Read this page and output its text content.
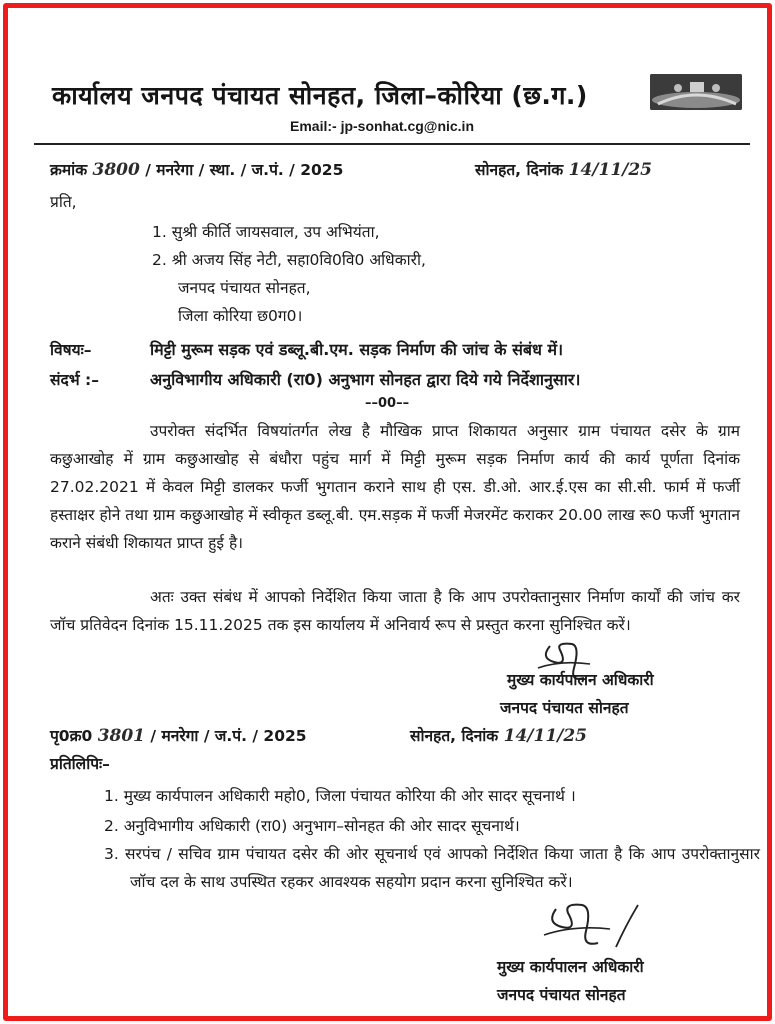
कार्यालय जनपद पंचायत सोनहत, जिला–कोरिया (छ.ग.)
Email:- jp-sonhat.cg@nic.in
क्रमांक 3800 / मनरेगा / स्था. / ज.पं. / 2025	सोनहत, दिनांक 14/11/25
प्रति,
1. सुश्री कीर्ति जायसवाल, उप अभियंता,
2. श्री अजय सिंह नेटी, सहा0वि0वि0 अधिकारी,
जनपद पंचायत सोनहत,
जिला कोरिया छ0ग0।
विषयः–	मिट्टी मुरूम सड़क एवं डब्लू.बी.एम. सड़क निर्माण की जांच के संबंध में।
संदर्भ :–	अनुविभागीय अधिकारी (रा0) अनुभाग सोनहत द्वारा दिये गये निर्देशानुसार।
––00––
उपरोक्त संदर्भित विषयांतर्गत लेख है मौखिक प्राप्त शिकायत अनुसार ग्राम पंचायत दसेर के ग्राम कछुआखोह में ग्राम कछुआखोह से बंधौरा पहुंच मार्ग में मिट्टी मुरूम सड़क निर्माण कार्य की कार्य पूर्णता दिनांक 27.02.2021 में केवल मिट्टी डालकर फर्जी भुगतान कराने साथ ही एस. डी.ओ. आर.ई.एस का सी.सी. फार्म में फर्जी हस्ताक्षर होने तथा ग्राम कछुआखोह में स्वीकृत डब्लू.बी. एम.सड़क में फर्जी मेजरमेंट कराकर 20.00 लाख रू0 फर्जी भुगतान कराने संबंधी शिकायत प्राप्त हुई है।
अतः उक्त संबंध में आपको निर्देशित किया जाता है कि आप उपरोक्तानुसार निर्माण कार्यों की जांच कर जॉच प्रतिवेदन दिनांक 15.11.2025 तक इस कार्यालय में अनिवार्य रूप से प्रस्तुत करना सुनिश्चित करें।
मुख्य कार्यपालन अधिकारी
जनपद पंचायत सोनहत
पृ0क्र0 3801 / मनरेगा / ज.पं. / 2025	सोनहत, दिनांक 14/11/25
प्रतिलिपिः–
1. मुख्य कार्यपालन अधिकारी महो0, जिला पंचायत कोरिया की ओर सादर सूचनार्थ ।
2. अनुविभागीय अधिकारी (रा0) अनुभाग–सोनहत की ओर सादर सूचनार्थ।
3. सरपंच / सचिव ग्राम पंचायत दसेर की ओर सूचनार्थ एवं आपको निर्देशित किया जाता है कि आप उपरोक्तानुसार जॉच दल के साथ उपस्थित रहकर आवश्यक सहयोग प्रदान करना सुनिश्चित करें।
मुख्य कार्यपालन अधिकारी
जनपद पंचायत सोनहत
